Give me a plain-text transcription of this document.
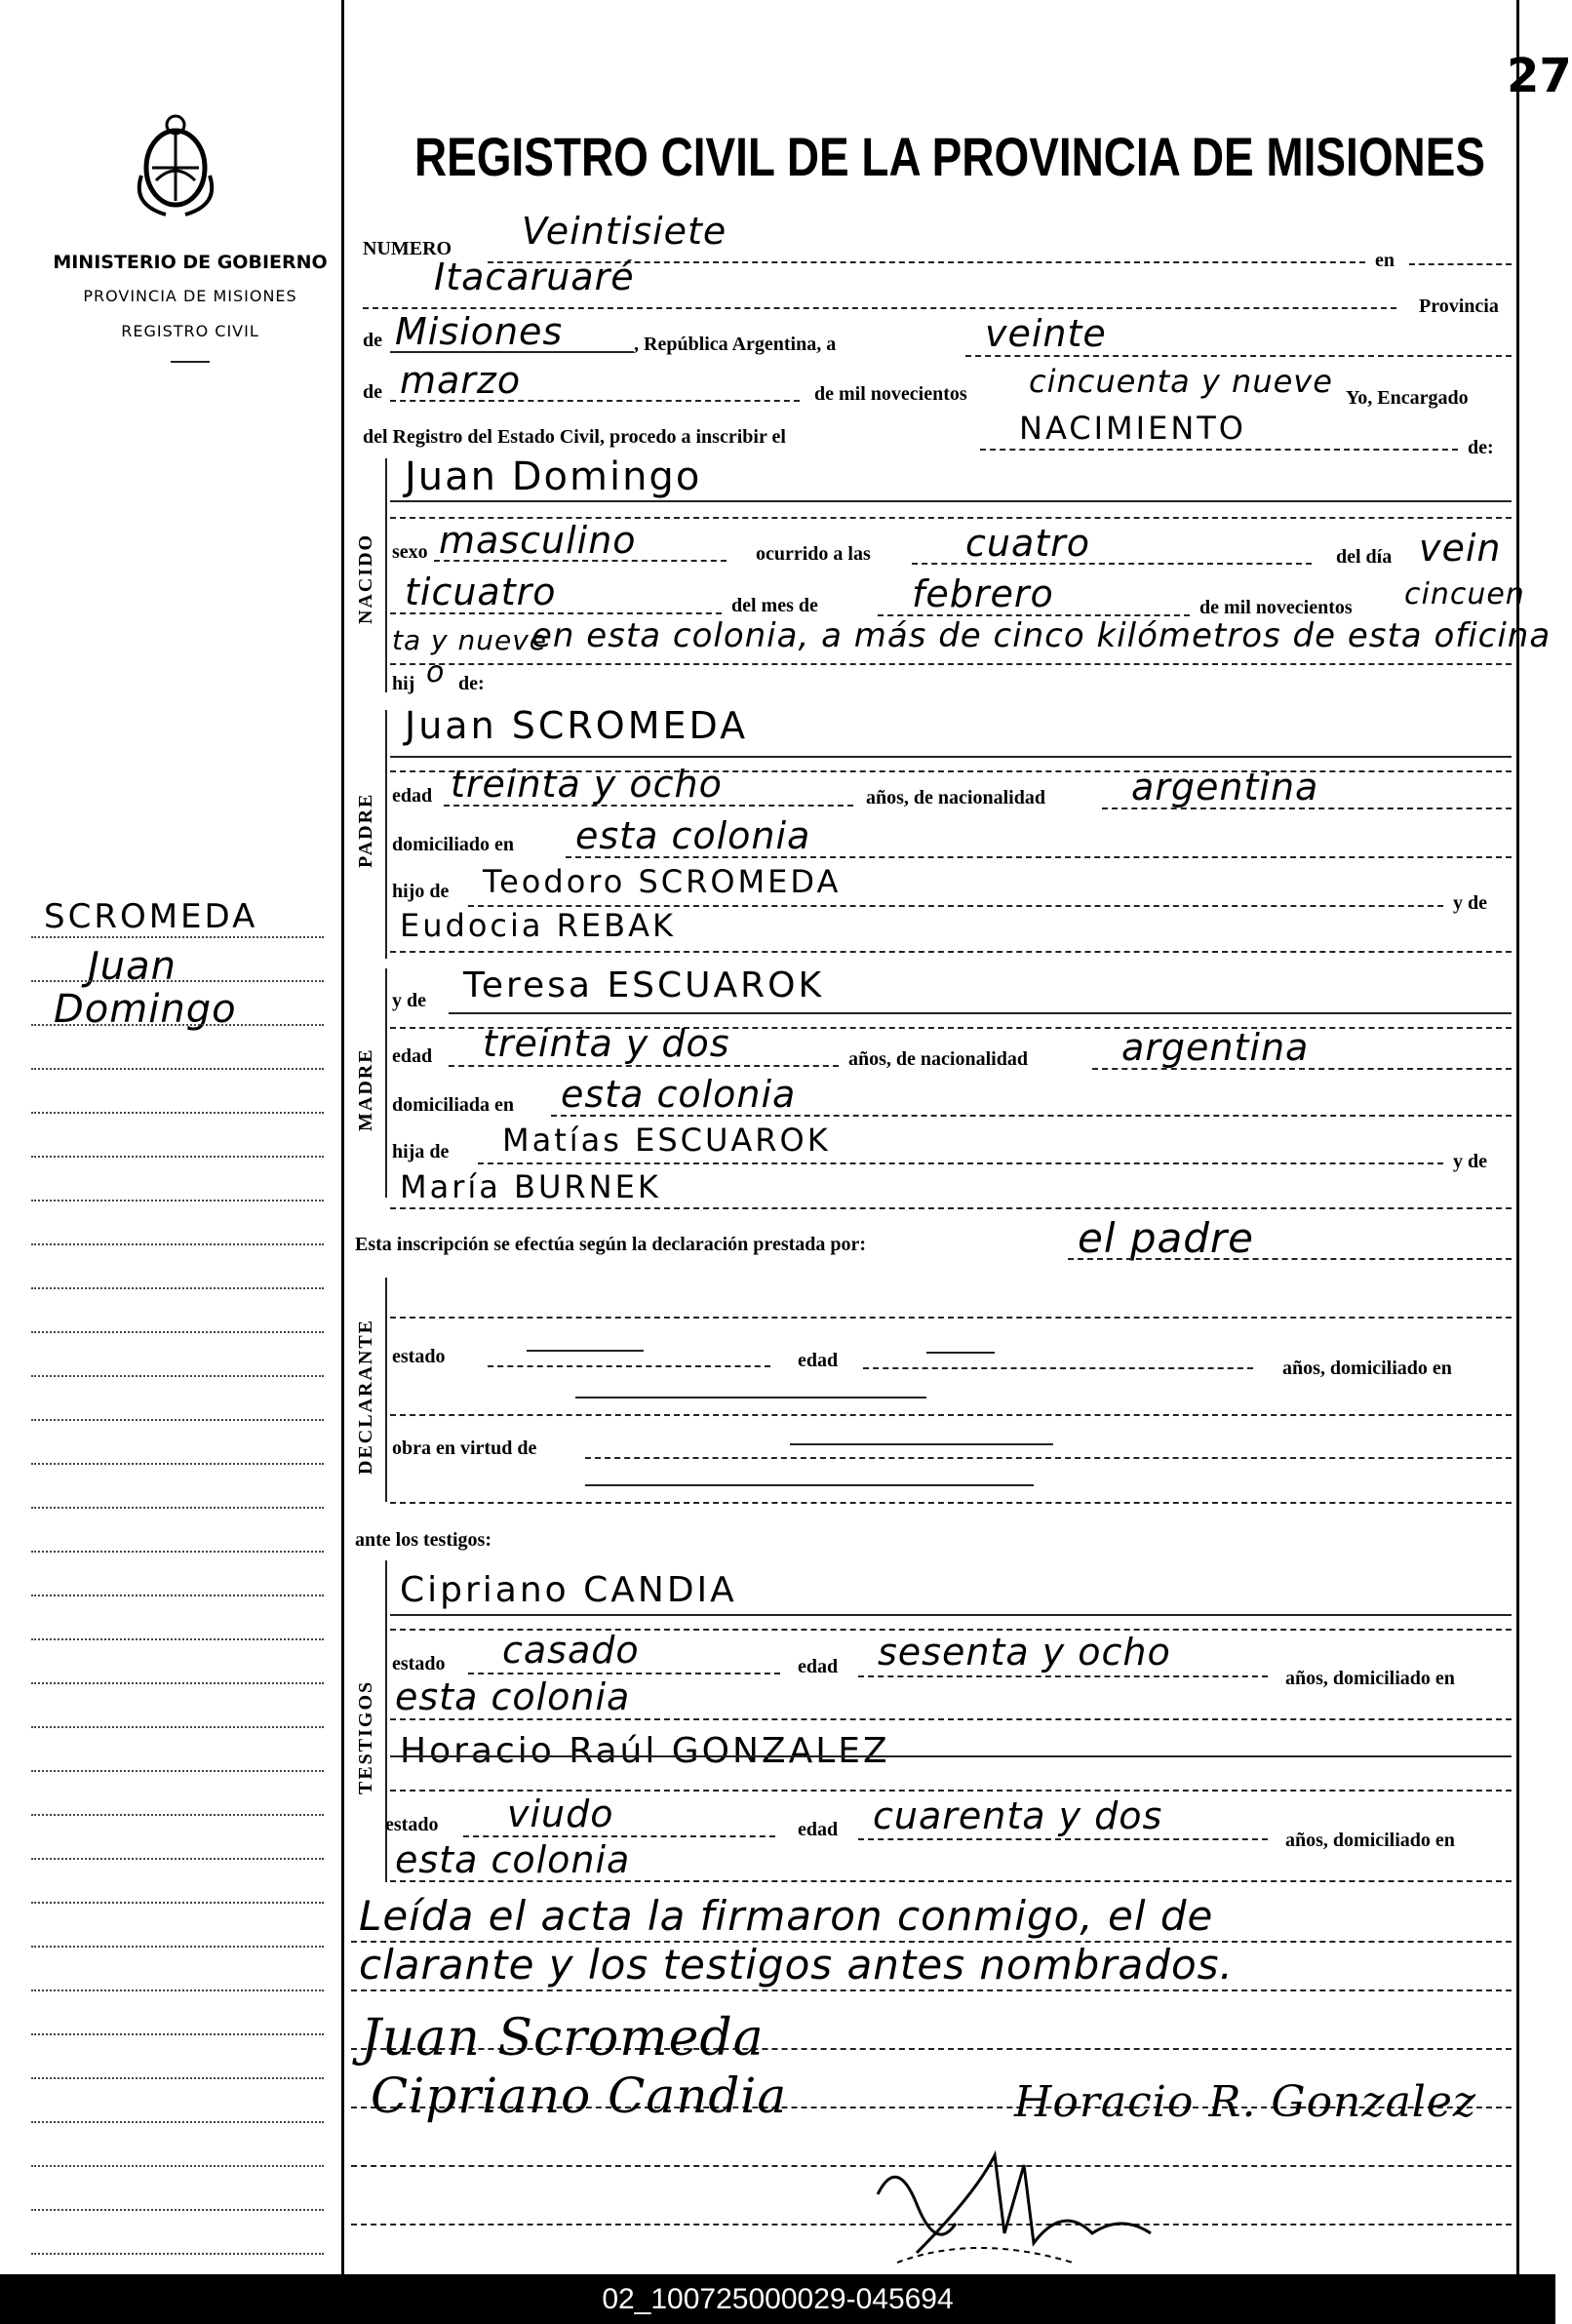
27
MINISTERIO DE GOBIERNO
PROVINCIA DE MISIONES
REGISTRO CIVIL
REGISTRO CIVIL DE LA PROVINCIA DE MISIONES
SCROMEDA
Juan
Domingo
NUMERO Veintisiete
en
Itacaruaré
Provincia
de Misiones	, República Argentina, a	veinte
de marzo	de mil novecientos cincuenta y nueve Yo, Encargado
del Registro del Estado Civil, procedo a inscribir el	NACIMIENTO
de:
NACIDO
Juan Domingo
sexo masculino	ocurrido a las	cuatro	del día vein
ticuatro	del mes de	febrero	de mil novecientos cincuen
ta y nueve
en esta colonia, a más de cinco kilómetros de esta oficina
hij o de:
PADRE
Juan SCROMEDA
edad treinta y ocho	años, de nacionalidad argentina
domiciliado en esta colonia
hijo de Teodoro SCROMEDA
y de
Eudocia REBAK
MADRE
y de Teresa ESCUAROK
edad treinta y dos	años, de nacionalidad	argentina
domiciliada en esta colonia
hija de Matías ESCUAROK
y de
María BURNEK
Esta inscripción se efectúa según la declaración prestada por:	el padre
DECLARANTE estado	edad	años, domiciliado en
obra en virtud de
ante los testigos:
TESTIGOS
Cipriano CANDIA
estado casado	edad sesenta y ocho
años, domiciliado en
esta colonia
Horacio Raúl GONZALEZ
estado viudo	edad cuarenta y dos
años, domiciliado en
esta colonia
Leída el acta la firmaron conmigo, el de
clarante y los testigos antes nombrados.
Juan Scromeda
Cipriano Candia	Horacio R. Gonzalez
02_100725000029-045694
